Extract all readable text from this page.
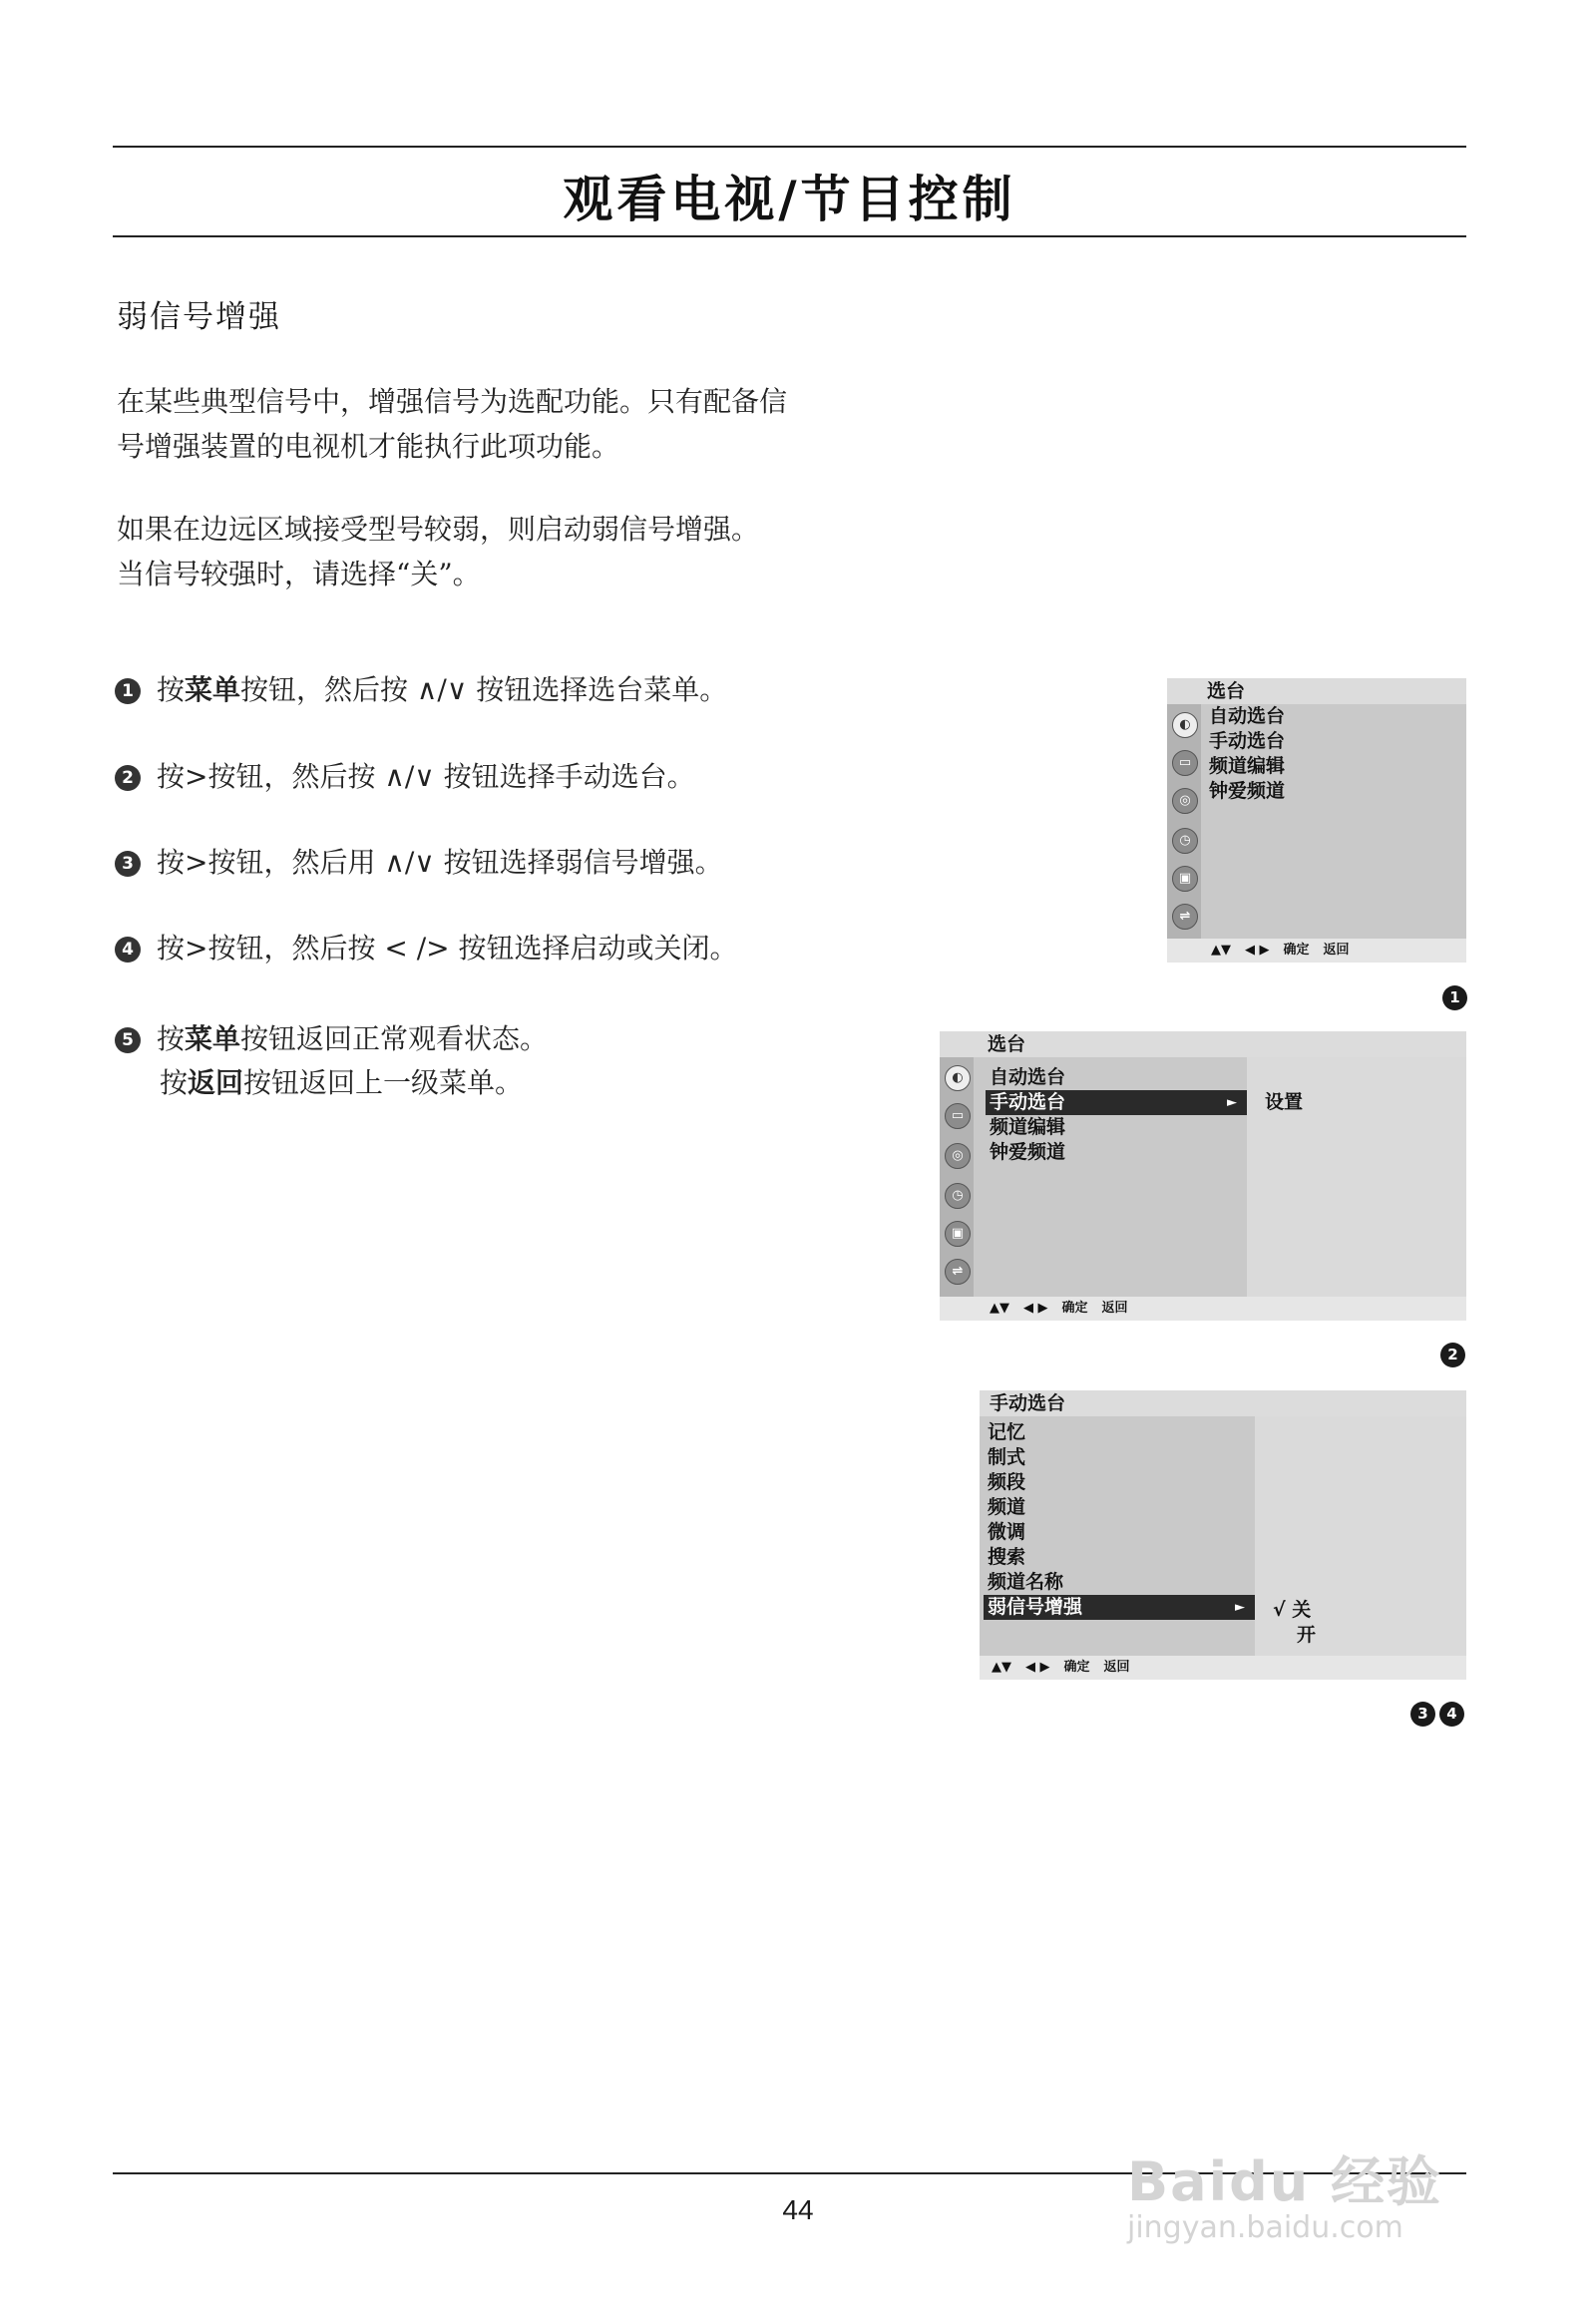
观看电视/节目控制
弱信号增强
在某些典型信号中，增强信号为选配功能。只有配备信
号增强装置的电视机才能执行此项功能。
如果在边远区域接受型号较弱，则启动弱信号增强。
当信号较强时，请选择“关”。
1 按菜单按钮，然后按 ∧/∨ 按钮选择选台菜单。
2 按>按钮，然后按 ∧/∨ 按钮选择手动选台。
3 按>按钮，然后用 ∧/∨ 按钮选择弱信号增强。
4 按>按钮，然后按 < /> 按钮选择启动或关闭。
5 按菜单按钮返回正常观看状态。
按返回按钮返回上一级菜单。
选台
◐
▭
◎
◷
▣
⇌
自动选台
手动选台
频道编辑
钟爱频道
▲▼ ◀ ▶ 确定 返回
1
选台
◐
▭
◎
◷
▣
⇌
自动选台
手动选台	►
频道编辑
钟爱频道
设置
▲▼ ◀ ▶ 确定 返回
2
手动选台
记忆
制式
频段
频道
微调
搜索
频道名称
弱信号增强	► √ 关
开
▲▼ ◀ ▶ 确定 返回
3 4
44	Baidu 经验
jingyan.baidu.com
